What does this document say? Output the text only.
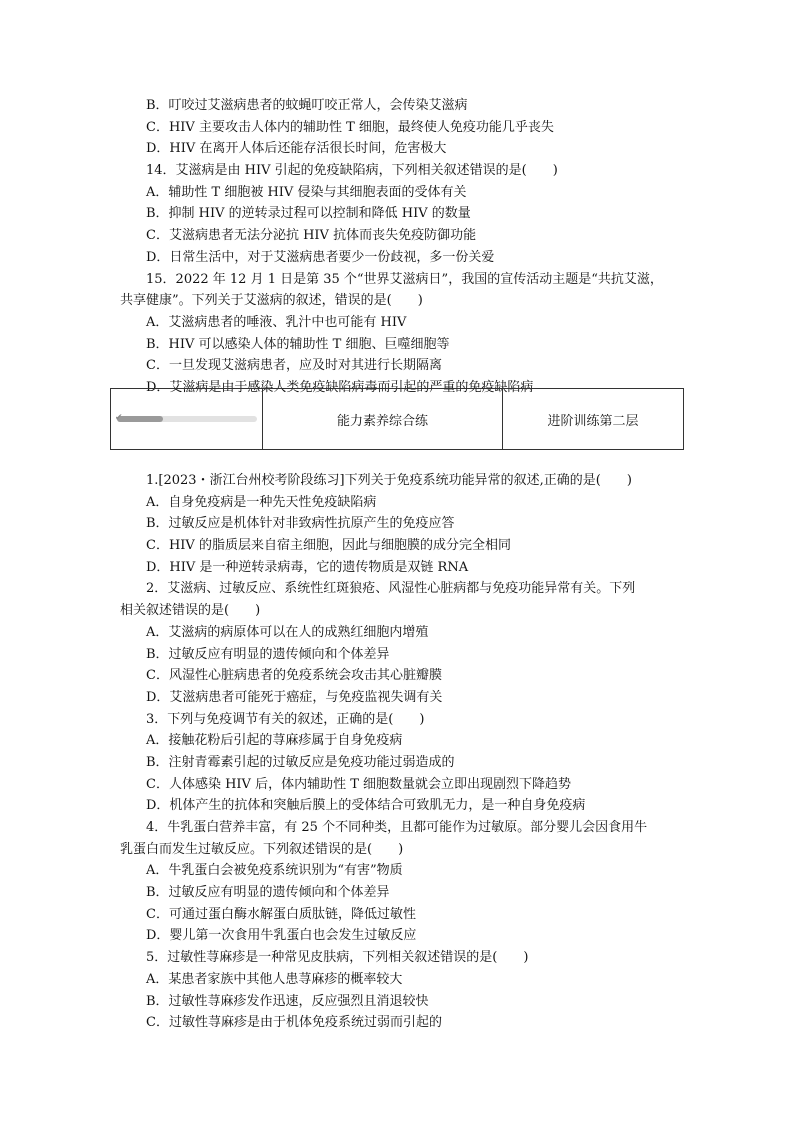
B．叮咬过艾滋病患者的蚊蝇叮咬正常人，会传染艾滋病
C．HIV 主要攻击人体内的辅助性 T 细胞，最终使人免疫功能几乎丧失
D．HIV 在离开人体后还能存活很长时间，危害极大
14．艾滋病是由 HIV 引起的免疫缺陷病，下列相关叙述错误的是(　　)
A．辅助性 T 细胞被 HIV 侵染与其细胞表面的受体有关
B．抑制 HIV 的逆转录过程可以控制和降低 HIV 的数量
C．艾滋病患者无法分泌抗 HIV 抗体而丧失免疫防御功能
D．日常生活中，对于艾滋病患者要少一份歧视，多一份关爱
15．2022 年 12 月 1 日是第 35 个“世界艾滋病日”，我国的宣传活动主题是“共抗艾滋，
共享健康”。下列关于艾滋病的叙述，错误的是(　　)
A．艾滋病患者的唾液、乳汁中也可能有 HIV
B．HIV 可以感染人体的辅助性 T 细胞、巨噬细胞等
C．一旦发现艾滋病患者，应及时对其进行长期隔离
D．艾滋病是由于感染人类免疫缺陷病毒而引起的严重的免疫缺陷病
✔	能力素养综合练	进阶训练第二层
1.[2023・浙江台州校考阶段练习]下列关于免疫系统功能异常的叙述,正确的是(　　)
A．自身免疫病是一种先天性免疫缺陷病
B．过敏反应是机体针对非致病性抗原产生的免疫应答
C．HIV 的脂质层来自宿主细胞，因此与细胞膜的成分完全相同
D．HIV 是一种逆转录病毒，它的遗传物质是双链 RNA
2．艾滋病、过敏反应、系统性红斑狼疮、风湿性心脏病都与免疫功能异常有关。下列
相关叙述错误的是(　　)
A．艾滋病的病原体可以在人的成熟红细胞内增殖
B．过敏反应有明显的遗传倾向和个体差异
C．风湿性心脏病患者的免疫系统会攻击其心脏瓣膜
D．艾滋病患者可能死于癌症，与免疫监视失调有关
3．下列与免疫调节有关的叙述，正确的是(　　)
A．接触花粉后引起的荨麻疹属于自身免疫病
B．注射青霉素引起的过敏反应是免疫功能过弱造成的
C．人体感染 HIV 后，体内辅助性 T 细胞数量就会立即出现剧烈下降趋势
D．机体产生的抗体和突触后膜上的受体结合可致肌无力，是一种自身免疫病
4．牛乳蛋白营养丰富，有 25 个不同种类，且都可能作为过敏原。部分婴儿会因食用牛
乳蛋白而发生过敏反应。下列叙述错误的是(　　)
A．牛乳蛋白会被免疫系统识别为“有害”物质
B．过敏反应有明显的遗传倾向和个体差异
C．可通过蛋白酶水解蛋白质肽链，降低过敏性
D．婴儿第一次食用牛乳蛋白也会发生过敏反应
5．过敏性荨麻疹是一种常见皮肤病，下列相关叙述错误的是(　　)
A．某患者家族中其他人患荨麻疹的概率较大
B．过敏性荨麻疹发作迅速，反应强烈且消退较快
C．过敏性荨麻疹是由于机体免疫系统过弱而引起的
